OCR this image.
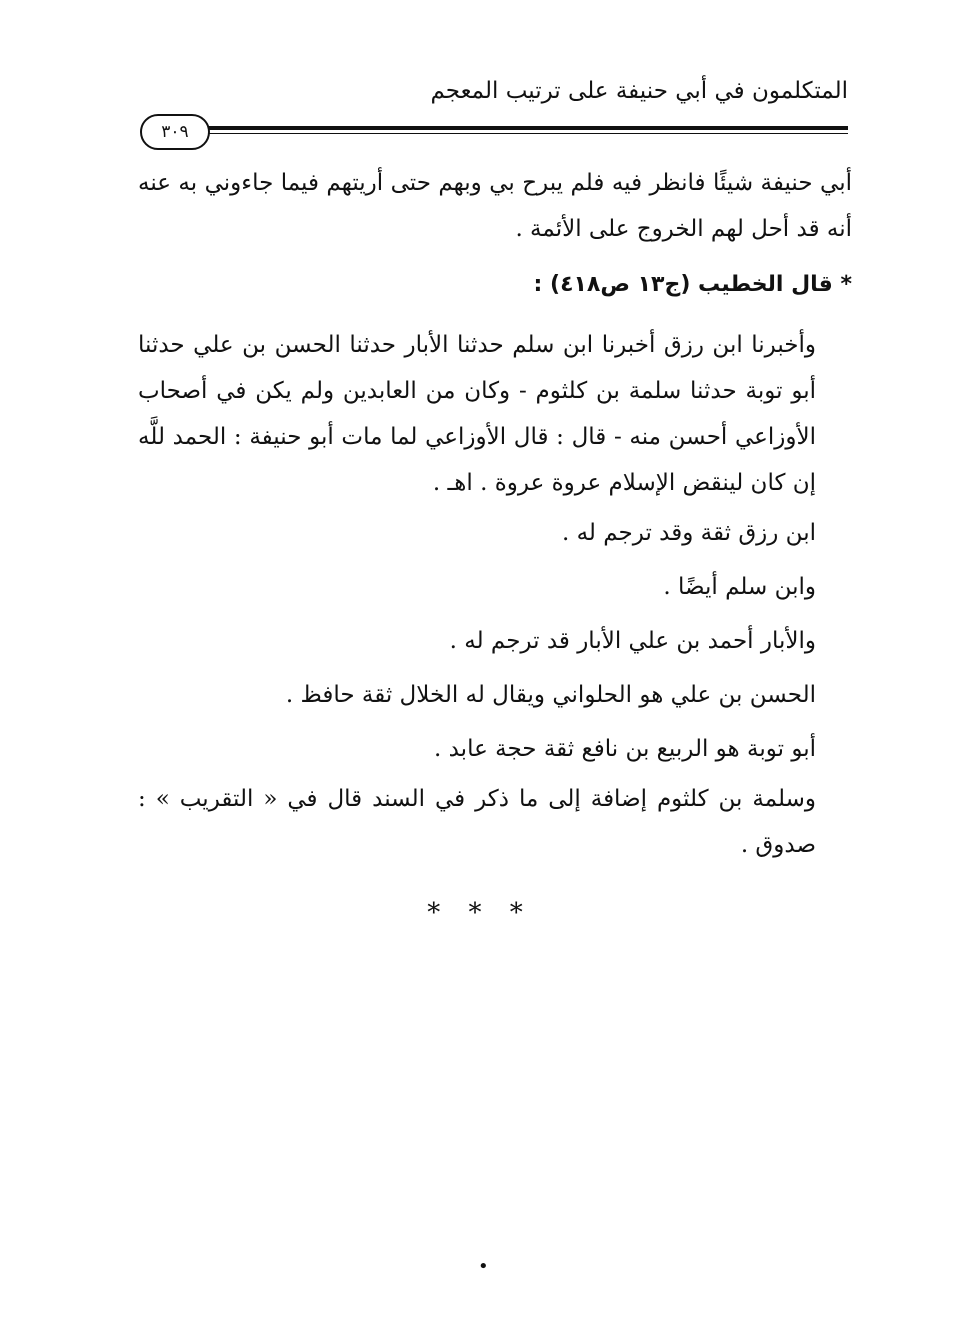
المتكلمون في أبي حنيفة على ترتيب المعجم
٣٠٩

أبي حنيفة شيئًا فانظر فيه فلم يبرح بي وبهم حتى أريتهم فيما جاءوني به عنه أنه قد أحل لهم الخروج على الأئمة .

* قال الخطيب (ج١٣ ص٤١٨) :

وأخبرنا ابن رزق أخبرنا ابن سلم حدثنا الأبار حدثنا الحسن بن علي حدثنا أبو توبة حدثنا سلمة بن كلثوم - وكان من العابدين ولم يكن في أصحاب الأوزاعي أحسن منه - قال : قال الأوزاعي لما مات أبو حنيفة : الحمد للَّه إن كان لينقض الإسلام عروة عروة . اهـ .

ابن رزق ثقة وقد ترجم له .

وابن سلم أيضًا .

والأبار أحمد بن علي الأبار قد ترجم له .

الحسن بن علي هو الحلواني ويقال له الخلال ثقة حافظ .

أبو توبة هو الربيع بن نافع ثقة حجة عابد .

وسلمة بن كلثوم إضافة إلى ما ذكر في السند قال في « التقريب » : صدوق .

* * *
•
